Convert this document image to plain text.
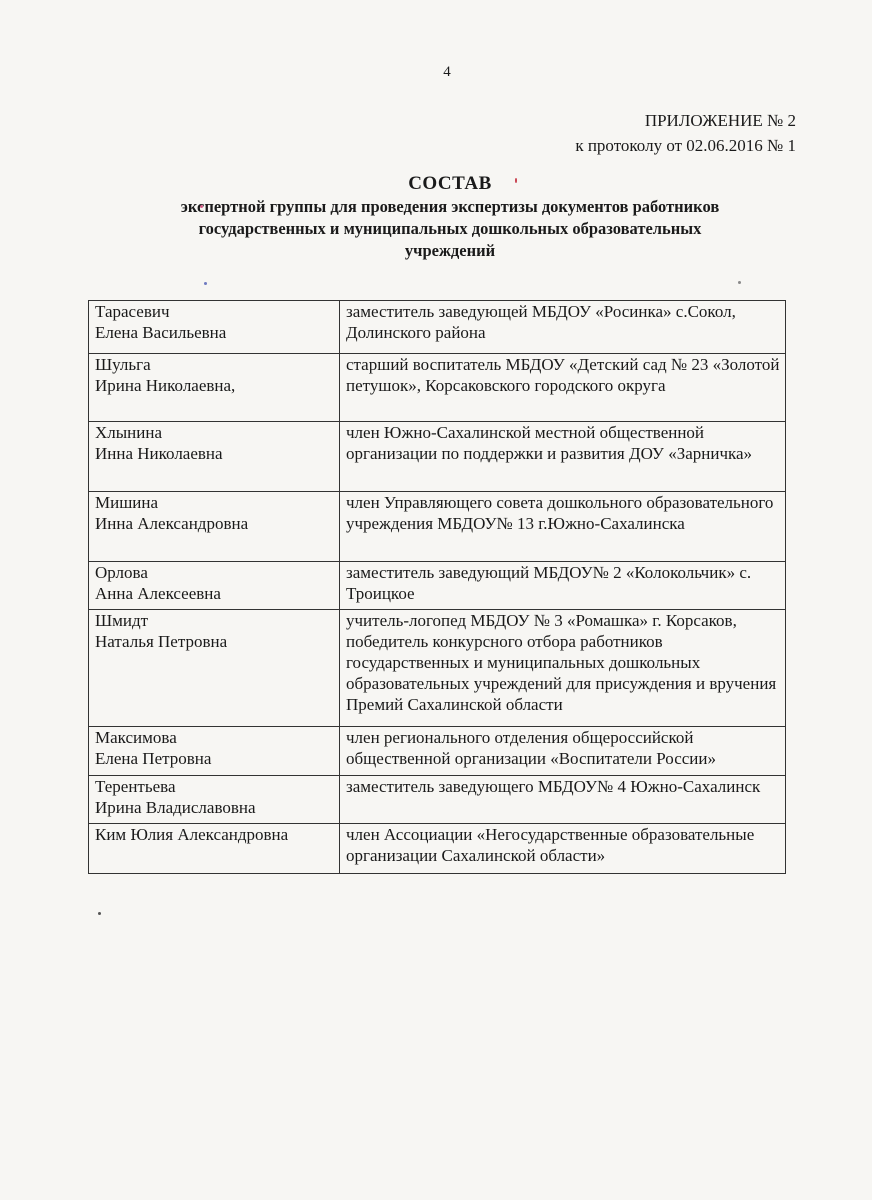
4
ПРИЛОЖЕНИЕ № 2
к протоколу от 02.06.2016 № 1
СОСТАВ
экспертной группы для проведения экспертизы документов работников
государственных и муниципальных дошкольных образовательных
учреждений
Тарасевич
Елена Васильевна	заместитель заведующей МБДОУ «Росинка» с.Сокол, Долинского района

Шульга
Ирина Николаевна,	старший воспитатель МБДОУ «Детский сад № 23 «Золотой петушок», Корсаковского городского округа

Хлынина
Инна Николаевна	член Южно-Сахалинской местной общественной организации по поддержки и развития ДОУ «Зарничка»

Мишина
Инна Александровна	член Управляющего совета дошкольного образовательного учреждения МБДОУ№ 13 г.Южно-Сахалинска

Орлова
Анна Алексеевна	заместитель заведующий МБДОУ№ 2 «Колокольчик» с. Троицкое

Шмидт
Наталья Петровна	учитель-логопед МБДОУ № 3 «Ромашка» г. Корсаков, победитель конкурсного отбора работников государственных и муниципальных дошкольных образовательных учреждений для присуждения и вручения Премий Сахалинской области

Максимова
Елена Петровна	член регионального отделения общероссийской общественной организации «Воспитатели России»

Терентьева
Ирина Владиславовна	заместитель заведующего МБДОУ№ 4 Южно-Сахалинск

Ким Юлия Александровна	член Ассоциации «Негосударственные образовательные организации Сахалинской области»
